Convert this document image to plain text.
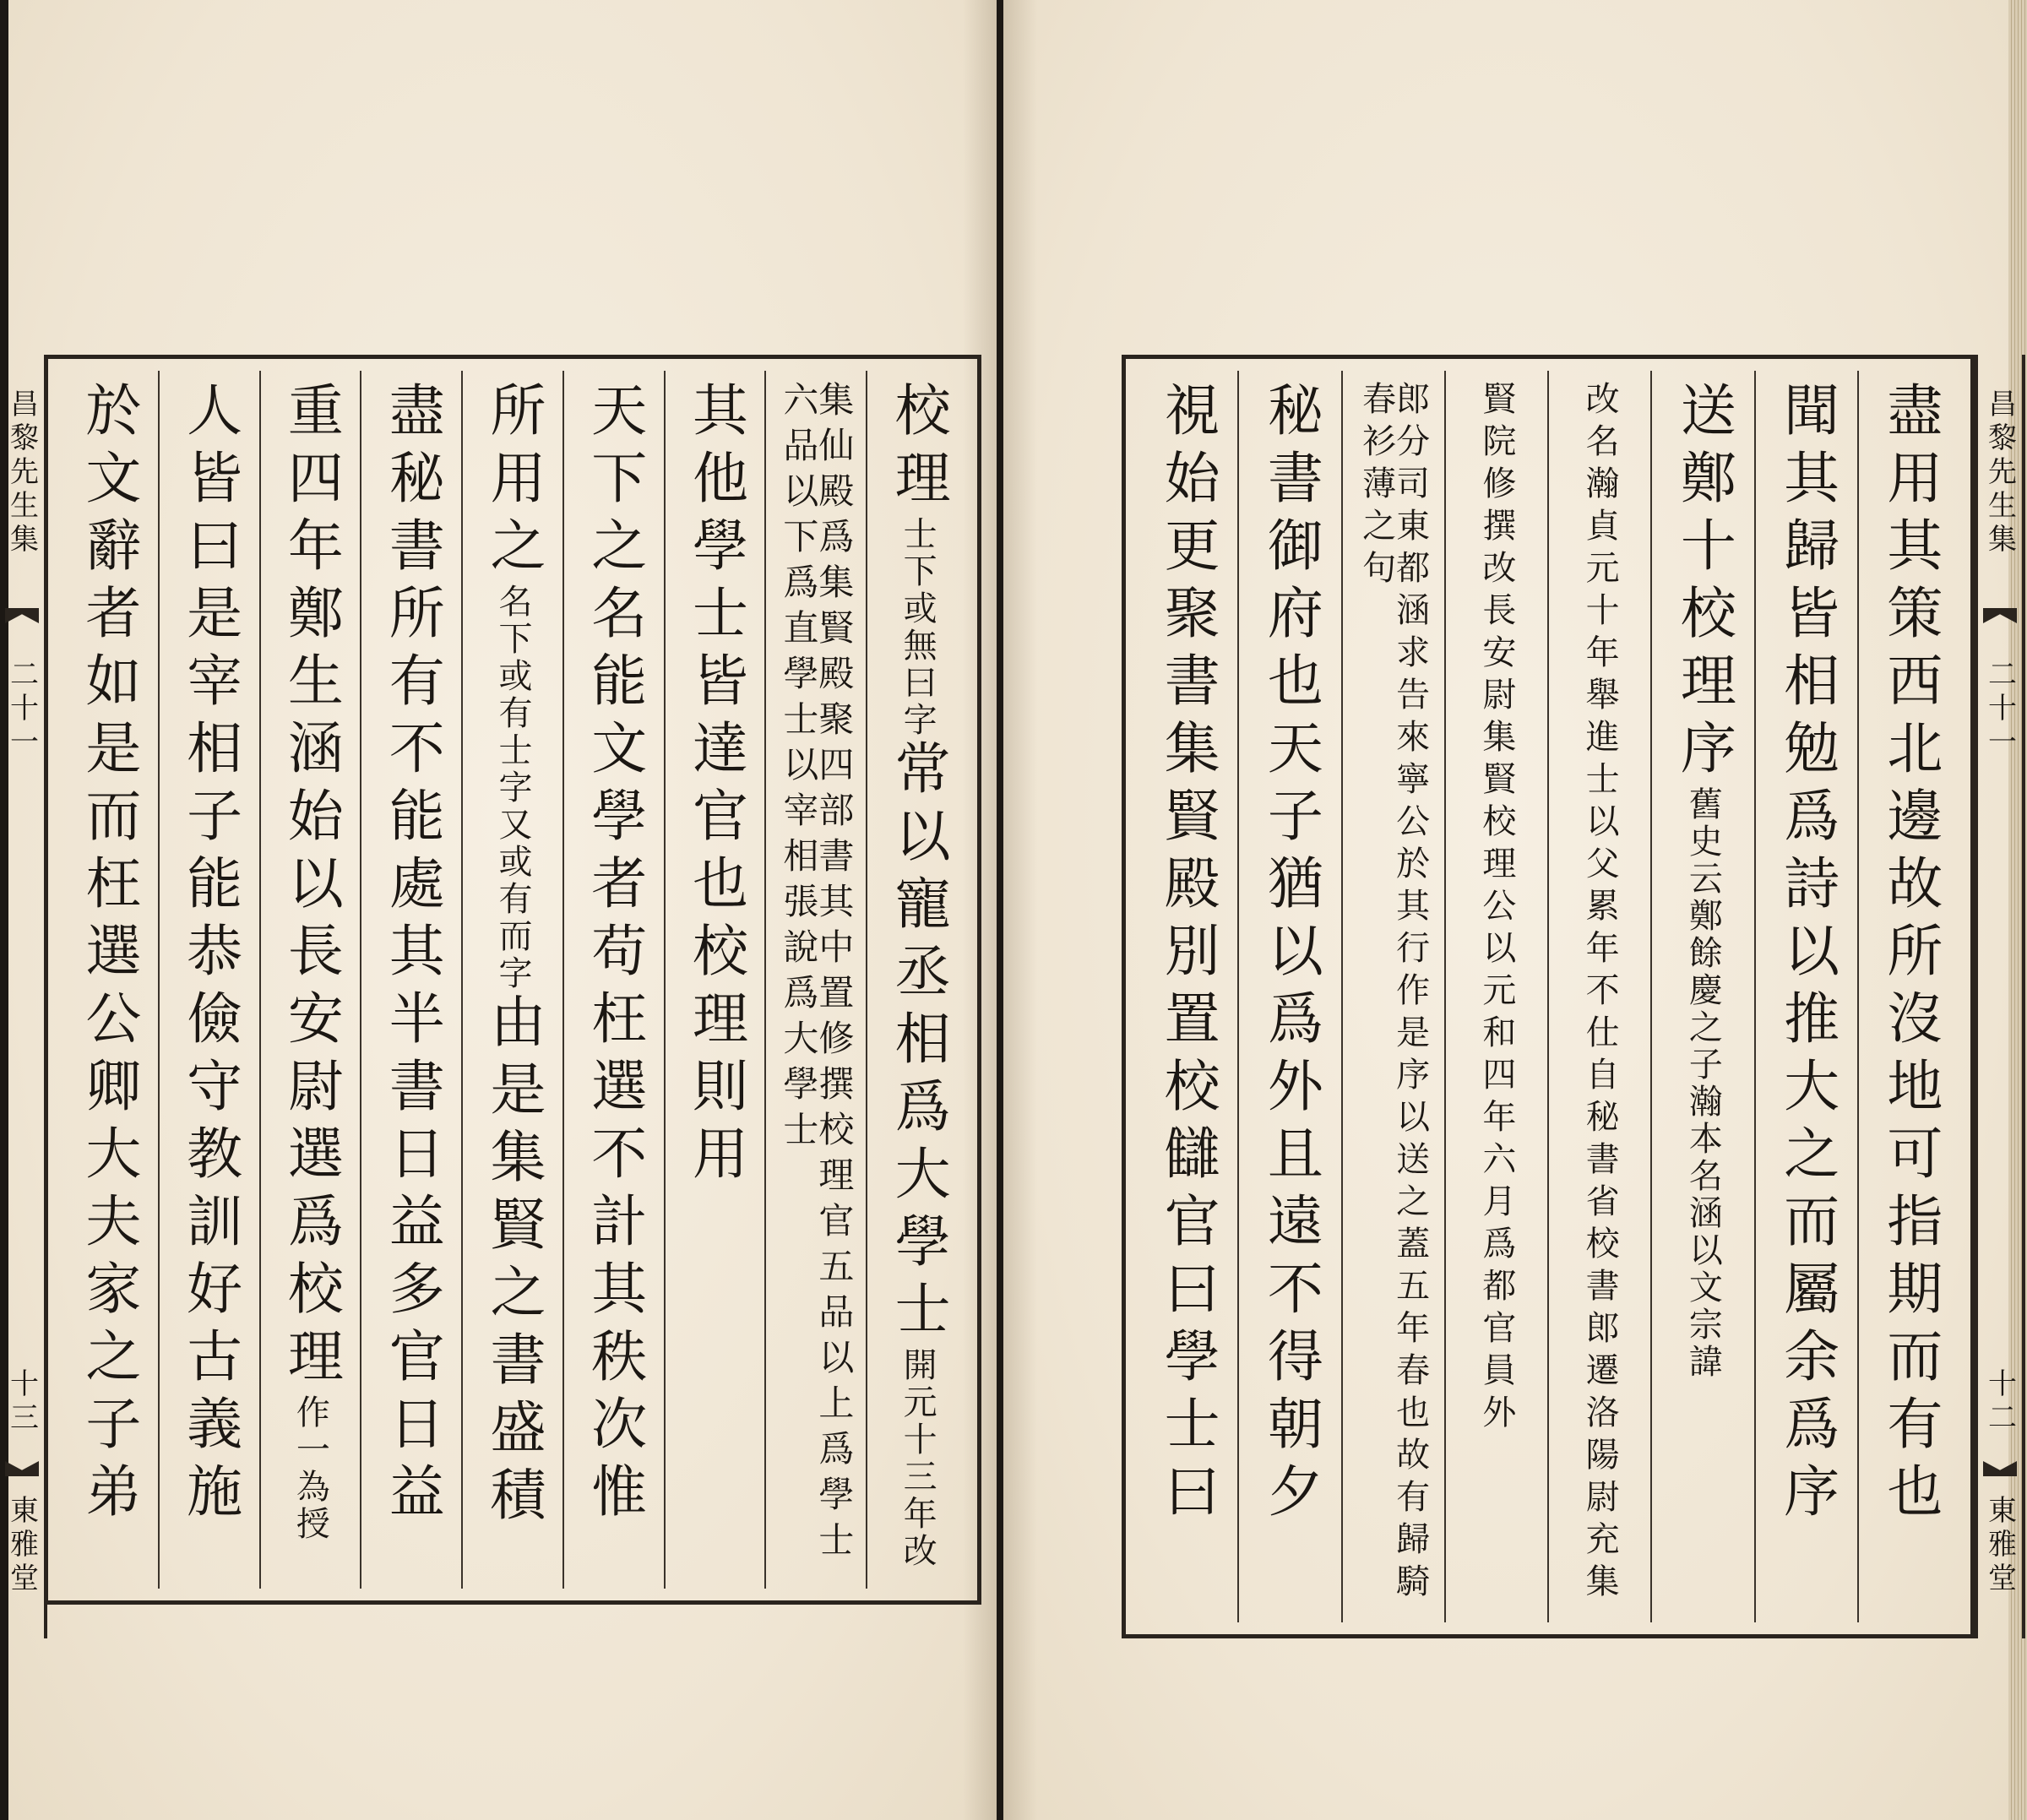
昌黎先生集
二十一
十三
東雅堂
校理
士下或無曰字
常以寵丞相爲大學士
開元十三年改
集仙殿爲集賢殿聚四部書其中置修撰校理官五品以上爲學士六品以下爲直學士以宰相張說爲大學士
其他學士皆達官也校理則用
天下之名能文學者苟枉選不計其秩次惟
所用之
名下或有士字又或有而字
由是集賢之書盛積
盡秘書所有不能處其半書日益多官日益
重四年鄭生涵始以長安尉選爲校理
作一為授
人皆曰是宰相子能恭儉守教訓好古義施
於文辭者如是而枉選公卿大夫家之子弟	盡用其策西北邊故所沒地可指期而有也
聞其歸皆相勉爲詩以推大之而屬余爲序
送鄭十校理序
舊史云鄭餘慶之子瀚本名涵以文宗諱
改名瀚貞元十年舉進士以父累年不仕自秘書省校書郎遷洛陽尉充集
賢院修撰改長安尉集賢校理公以元和四年六月爲都官員外
郎分司東都涵求告來寧公於其行作是序以送之蓋五年春也故有歸騎春衫薄之句
秘書御府也天子猶以爲外且遠不得朝夕
視始更聚書集賢殿別置校讎官曰學士曰	昌黎先生集
二十一
十二
東雅堂
